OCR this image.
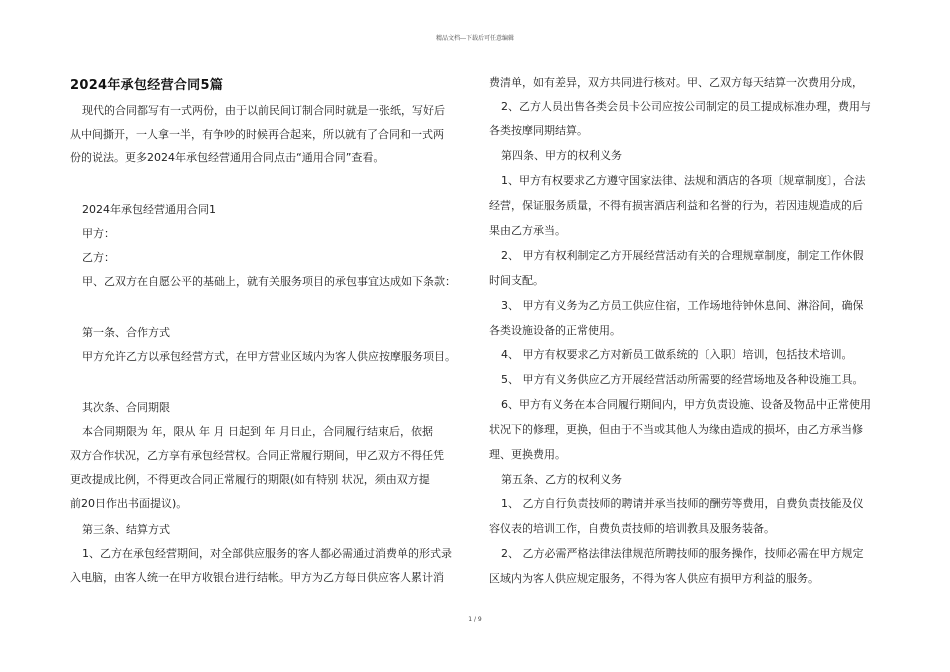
精品文档---下载后可任意编辑
2024年承包经营合同5篇
现代的合同都写有一式两份，由于以前民间订制合同时就是一张纸，写好后
从中间撕开，一人拿一半，有争吵的时候再合起来，所以就有了合同和一式两
份的说法。更多2024年承包经营通用合同点击“通用合同”查看。
2024年承包经营通用合同1
甲方：
乙方：
甲、乙双方在自愿公平的基础上，就有关服务项目的承包事宜达成如下条款：
第一条、合作方式
甲方允许乙方以承包经营方式，在甲方营业区域内为客人供应按摩服务项目。
其次条、合同期限
本合同期限为 年，限从 年 月 日起到 年 月日止，合同履行结束后，依据
双方合作状况，乙方享有承包经营权。合同正常履行期间，甲乙双方不得任凭
更改提成比例，不得更改合同正常履行的期限(如有特别 状况，须由双方提
前20日作出书面提议)。
第三条、结算方式
1、乙方在承包经营期间，对全部供应服务的客人都必需通过消费单的形式录
入电脑，由客人统一在甲方收银台进行结帐。甲方为乙方每日供应客人累计消
费清单，如有差异，双方共同进行核对。甲、乙双方每天结算一次费用分成，
2、乙方人员出售各类会员卡公司应按公司制定的员工提成标准办理，费用与
各类按摩同期结算。
第四条、甲方的权利义务
1、甲方有权要求乙方遵守国家法律、法规和酒店的各项〔规章制度〕，合法
经营，保证服务质量，不得有损害酒店利益和名誉的行为，若因违规造成的后
果由乙方承当。
2、 甲方有权利制定乙方开展经营活动有关的合理规章制度，制定工作休假
时间支配。
3、 甲方有义务为乙方员工供应住宿，工作场地待钟休息间、淋浴间，确保
各类设施设备的正常使用。
4、 甲方有权要求乙方对新员工做系统的〔入职〕培训，包括技术培训。
5、 甲方有义务供应乙方开展经营活动所需要的经营场地及各种设施工具。
6、甲方有义务在本合同履行期间内，甲方负责设施、设备及物品中正常使用
状况下的修理，更换，但由于不当或其他人为缘由造成的损坏，由乙方承当修
理、更换费用。
第五条、乙方的权利义务
1、 乙方自行负责技师的聘请并承当技师的酬劳等费用，自费负责技能及仪
容仪表的培训工作，自费负责技师的培训教具及服务装备。
2、 乙方必需严格法律法律规范所聘技师的服务操作，技师必需在甲方规定
区域内为客人供应规定服务，不得为客人供应有损甲方利益的服务。
1 / 9
